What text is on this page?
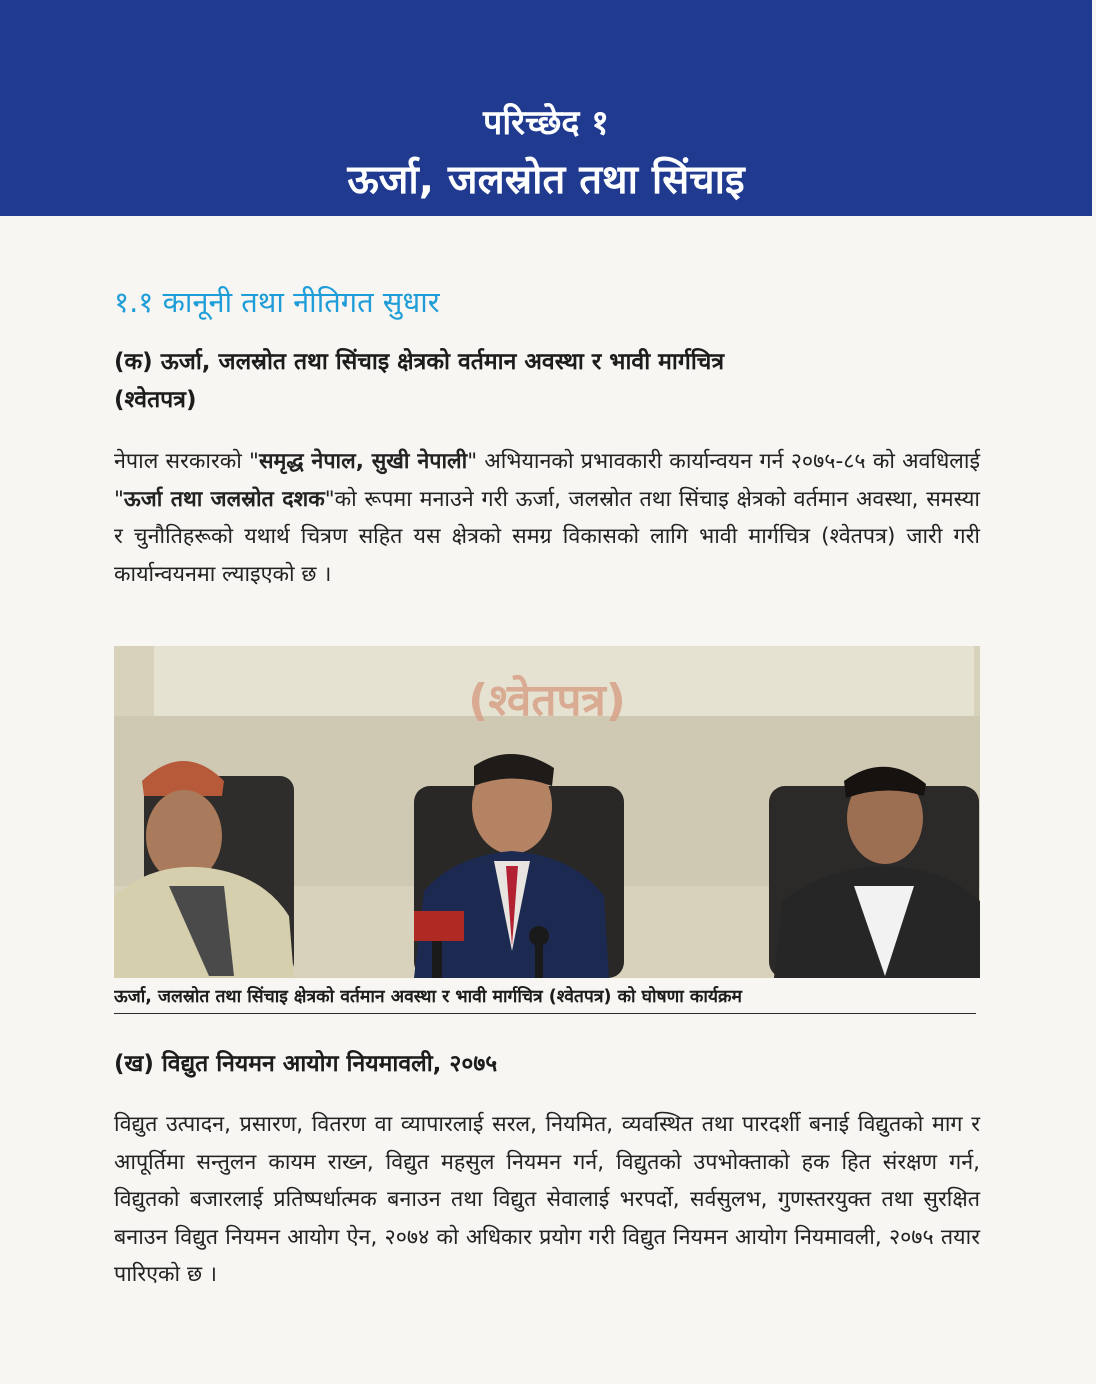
परिच्छेद १
ऊर्जा, जलस्रोत तथा सिंचाइ
१.१ कानूनी तथा नीतिगत सुधार
(क) ऊर्जा, जलस्रोत तथा सिंचाइ क्षेत्रको वर्तमान अवस्था र भावी मार्गचित्र
(श्वेतपत्र)

नेपाल सरकारको "समृद्ध नेपाल, सुखी नेपाली" अभियानको प्रभावकारी कार्यान्वयन गर्न २०७५-८५ को अवधिलाई "ऊर्जा तथा जलस्रोत दशक"को रूपमा मनाउने गरी ऊर्जा, जलस्रोत तथा सिंचाइ क्षेत्रको वर्तमान अवस्था, समस्या र चुनौतिहरूको यथार्थ चित्रण सहित यस क्षेत्रको समग्र विकासको लागि भावी मार्गचित्र (श्वेतपत्र) जारी गरी कार्यान्वयनमा ल्याइएको छ ।

(श्वेतपत्र)
ऊर्जा, जलस्रोत तथा सिंचाइ क्षेत्रको वर्तमान अवस्था र भावी मार्गचित्र (श्वेतपत्र) को घोषणा कार्यक्रम
(ख) विद्युत नियमन आयोग नियमावली, २०७५

विद्युत उत्पादन, प्रसारण, वितरण वा व्यापारलाई सरल, नियमित, व्यवस्थित तथा पारदर्शी बनाई विद्युतको माग र आपूर्तिमा सन्तुलन कायम राख्न, विद्युत महसुल नियमन गर्न, विद्युतको उपभोक्ताको हक हित संरक्षण गर्न, विद्युतको बजारलाई प्रतिष्पर्धात्मक बनाउन तथा विद्युत सेवालाई भरपर्दो, सर्वसुलभ, गुणस्तरयुक्त तथा सुरक्षित बनाउन विद्युत नियमन आयोग ऐन, २०७४ को अधिकार प्रयोग गरी विद्युत नियमन आयोग नियमावली, २०७५ तयार पारिएको छ ।
